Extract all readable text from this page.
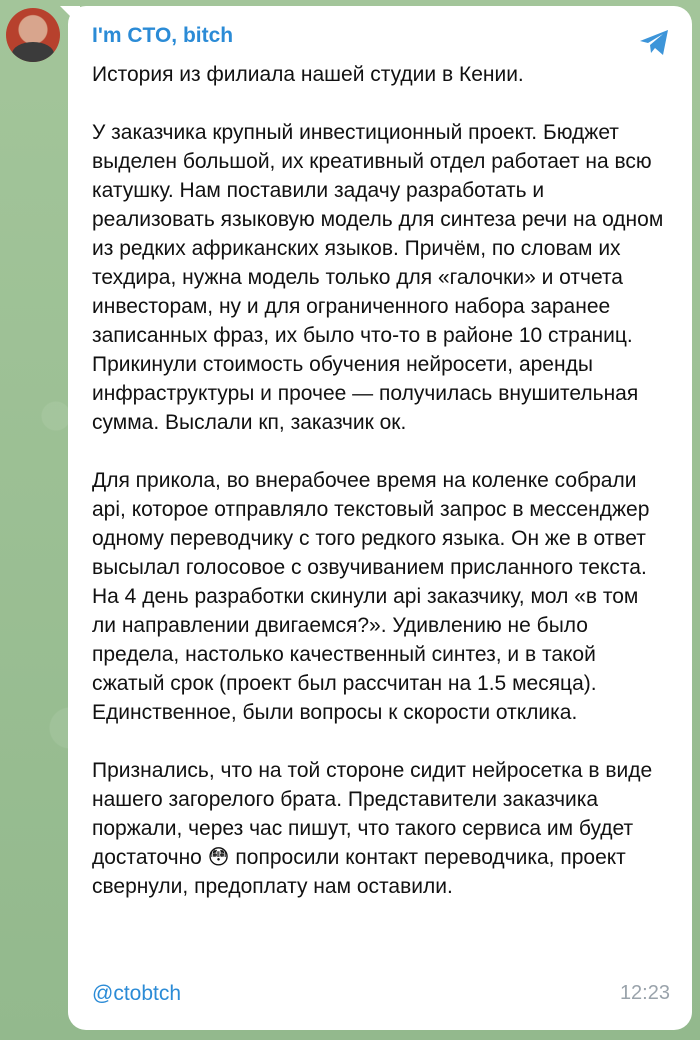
I'm CTO, bitch

История из филиала нашей студии в Кении.

У заказчика крупный инвестиционный проект. Бюджет выделен большой, их креативный отдел работает на всю катушку. Нам поставили задачу разработать и реализовать языковую модель для синтеза речи на одном из редких африканских языков. Причём, по словам их техдира, нужна модель только для «галочки» и отчета инвесторам, ну и для ограниченного набора заранее записанных фраз, их было что-то в районе 10 страниц. Прикинули стоимость обучения нейросети, аренды инфраструктуры и прочее — получилась внушительная сумма. Выслали кп, заказчик ок.

Для прикола, во внерабочее время на коленке собрали api, которое отправляло текстовый запрос в мессенджер одному переводчику с того редкого языка. Он же в ответ высылал голосовое с озвучиванием присланного текста. На 4 день разработки скинули api заказчику, мол «в том ли направлении двигаемся?». Удивлению не было предела, настолько качественный синтез, и в такой сжатый срок (проект был рассчитан на 1.5 месяца). Единственное, были вопросы к скорости отклика.

Признались, что на той стороне сидит нейросетка в виде нашего загорелого брата. Представители заказчика поржали, через час пишут, что такого сервиса им будет достаточно 😳 попросили контакт переводчика, проект свернули, предоплату нам оставили.

@ctobtch	12:23
